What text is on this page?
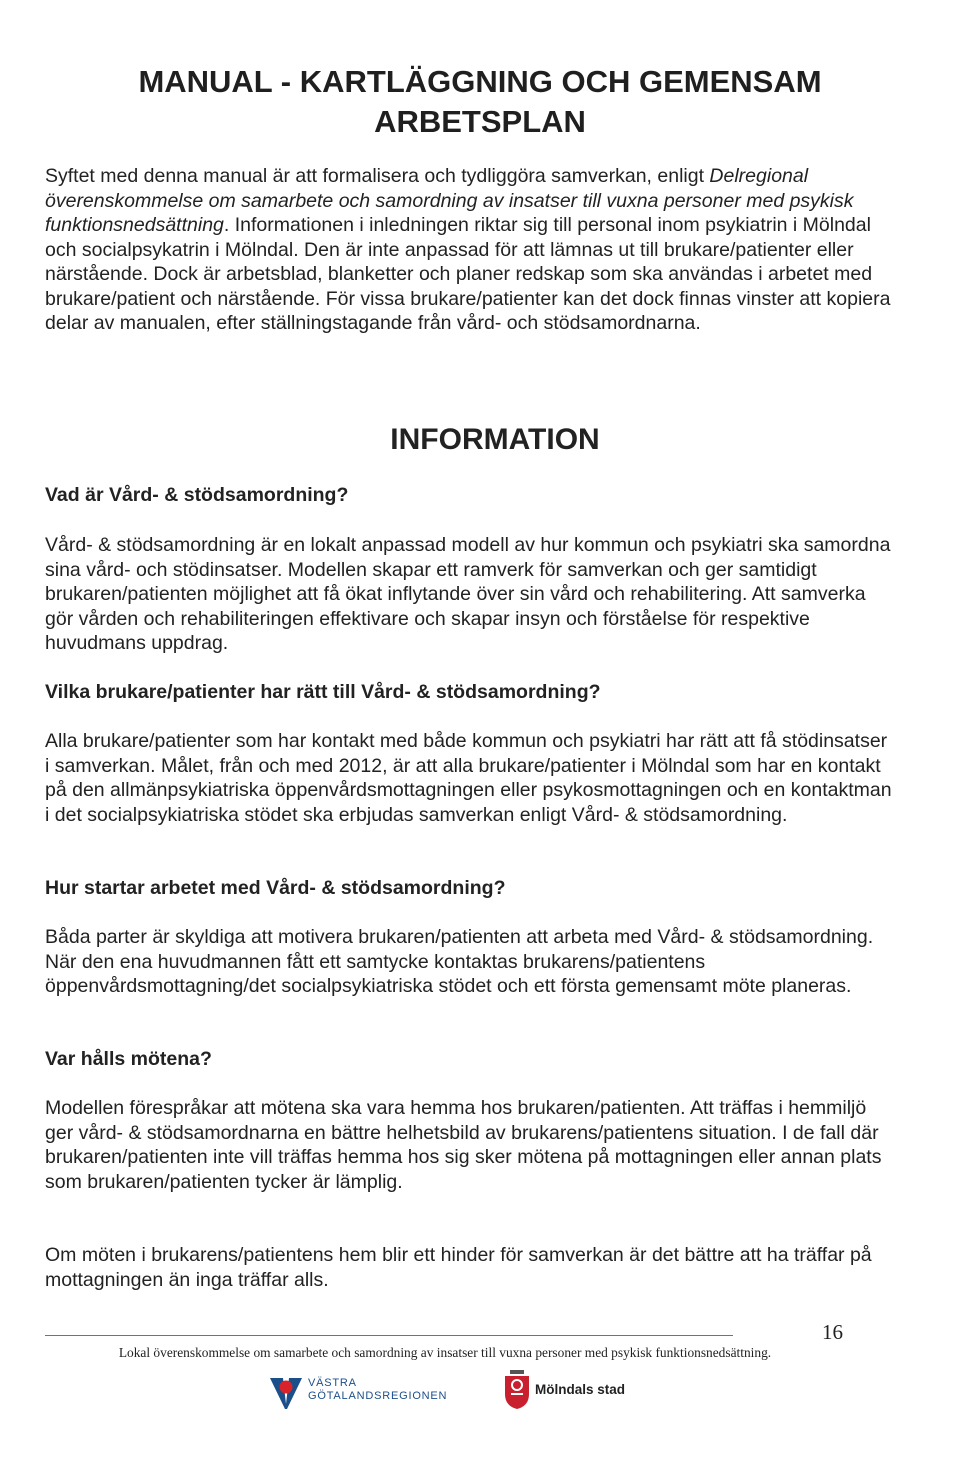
MANUAL - KARTLÄGGNING OCH GEMENSAM
ARBETSPLAN

Syftet med denna manual är att formalisera och tydliggöra samverkan, enligt Delregional överenskommelse om samarbete och samordning av insatser till vuxna personer med psykisk funktionsnedsättning. Informationen i inledningen riktar sig till personal inom psykiatrin i Mölndal och socialpsykatrin i Mölndal. Den är inte anpassad för att lämnas ut till brukare/patienter eller närstående. Dock är arbetsblad, blanketter och planer redskap som ska användas i arbetet med brukare/patient och närstående. För vissa brukare/patienter kan det dock finnas vinster att kopiera delar av manualen, efter ställningstagande från vård- och stödsamordnarna.

INFORMATION
Vad är Vård- & stödsamordning?

Vård- & stödsamordning är en lokalt anpassad modell av hur kommun och psykiatri ska samordna sina vård- och stödinsatser. Modellen skapar ett ramverk för samverkan och ger samtidigt brukaren/patienten möjlighet att få ökat inflytande över sin vård och rehabilitering. Att samverka gör vården och rehabiliteringen effektivare och skapar insyn och förståelse för respektive huvudmans uppdrag.

Vilka brukare/patienter har rätt till Vård- & stödsamordning?

Alla brukare/patienter som har kontakt med både kommun och psykiatri har rätt att få stödinsatser i samverkan. Målet, från och med 2012, är att alla brukare/patienter i Mölndal som har en kontakt på den allmänpsykiatriska öppenvårdsmottagningen eller psykosmottagningen och en kontaktman i det socialpsykiatriska stödet ska erbjudas samverkan enligt Vård- & stödsamordning.

Hur startar arbetet med Vård- & stödsamordning?

Båda parter är skyldiga att motivera brukaren/patienten att arbeta med Vård- & stödsamordning. När den ena huvudmannen fått ett samtycke kontaktas brukarens/patientens öppenvårdsmottagning/det socialpsykiatriska stödet och ett första gemensamt möte planeras.

Var hålls mötena?

Modellen förespråkar att mötena ska vara hemma hos brukaren/patienten. Att träffas i hemmiljö ger vård- & stödsamordnarna en bättre helhetsbild av brukarens/patientens situation. I de fall där brukaren/patienten inte vill träffas hemma hos sig sker mötena på mottagningen eller annan plats som brukaren/patienten tycker är lämplig.

Om möten i brukarens/patientens hem blir ett hinder för samverkan är det bättre att ha träffar på mottagningen än inga träffar alls.

16
Lokal överenskommelse om samarbete och samordning av insatser till vuxna personer med psykisk funktionsnedsättning.
VÄSTRA
GÖTALANDSREGIONEN	Mölndals stad
